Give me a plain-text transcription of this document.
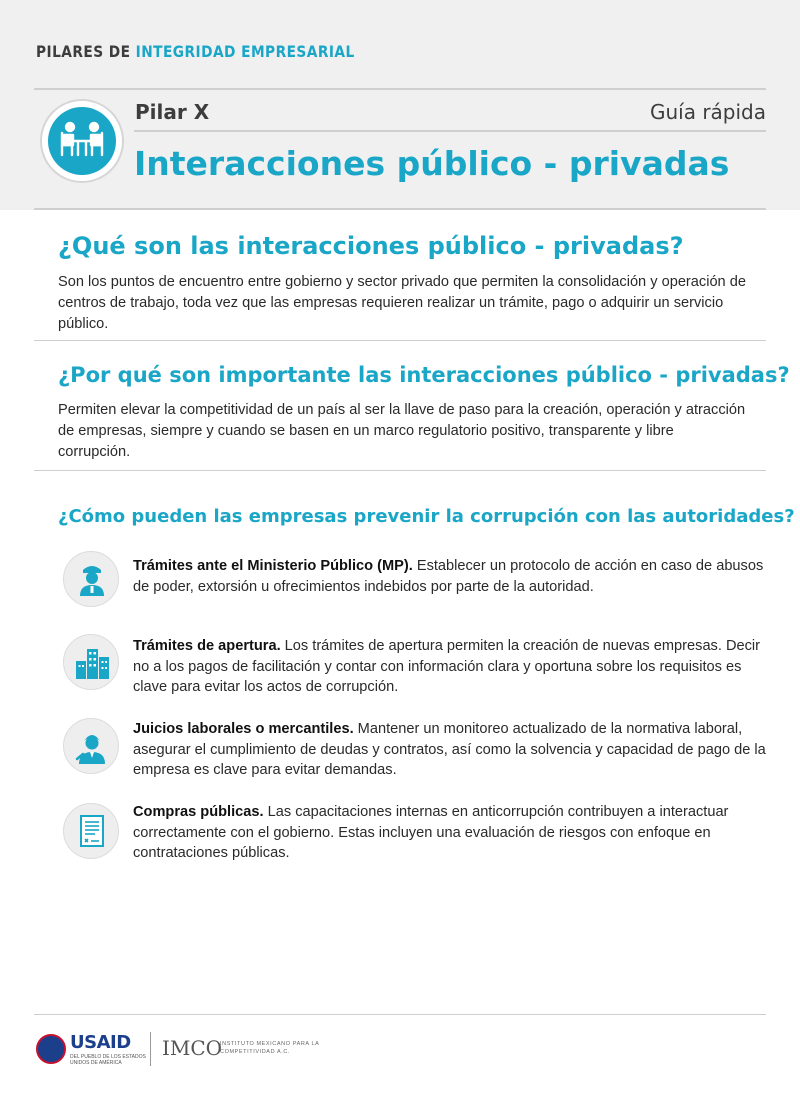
PILARES DE INTEGRIDAD EMPRESARIAL
Pilar X	Guía rápida
Interacciones público - privadas
¿Qué son las interacciones público - privadas?
Son los puntos de encuentro entre gobierno y sector privado que permiten la consolidación y operación de centros de trabajo, toda vez que las empresas requieren realizar un trámite, pago o adquirir un servicio público.
¿Por qué son importante las interacciones público - privadas?
Permiten elevar la competitividad de un país al ser la llave de paso para la creación, operación y atracción de empresas, siempre y cuando se basen en un marco regulatorio positivo, transparente y libre corrupción.
¿Cómo pueden las empresas prevenir la corrupción con las autoridades?
Trámites ante el Ministerio Público (MP). Establecer un protocolo de acción en caso de abusos de poder, extorsión u ofrecimientos indebidos por parte de la autoridad.
Trámites de apertura. Los trámites de apertura permiten la creación de nuevas empresas. Decir no a los pagos de facilitación y contar con información clara y oportuna sobre los requisitos es clave para evitar los actos de corrupción.
Juicios laborales o mercantiles. Mantener un monitoreo actualizado de la normativa laboral, asegurar el cumplimiento de deudas y contratos, así como la solvencia y capacidad de pago de la empresa es clave para evitar demandas.
Compras públicas. Las capacitaciones internas en anticorrupción contribuyen a interactuar correctamente con el gobierno. Estas incluyen una evaluación de riesgos con enfoque en contrataciones públicas.
USAID
DEL PUEBLO DE LOS ESTADOS UNIDOS DE AMÉRICA
IMCO
INSTITUTO MEXICANO PARA LA COMPETITIVIDAD A.C.
